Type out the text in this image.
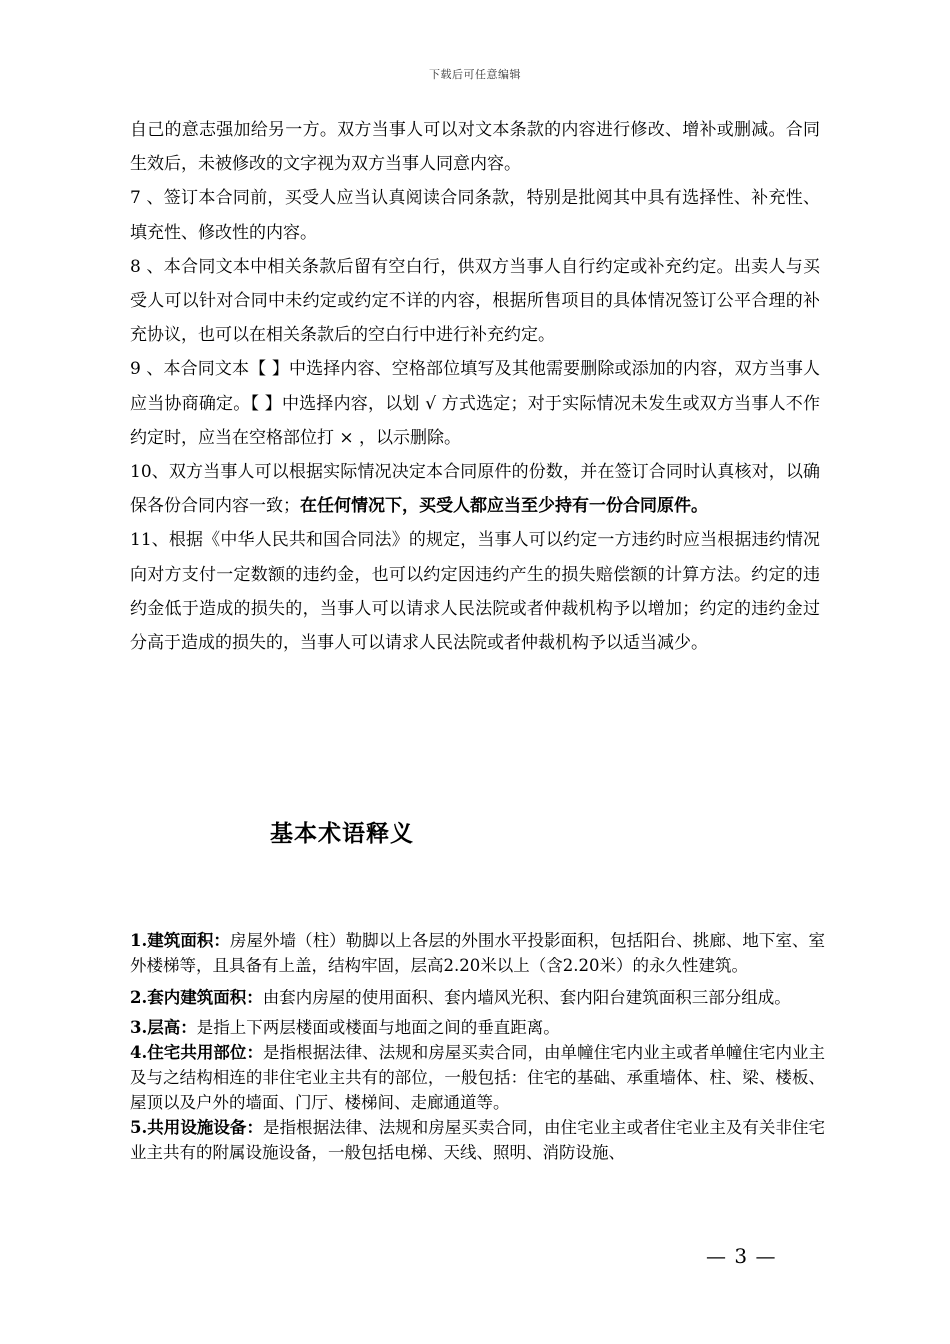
下载后可任意编辑

自己的意志强加给另一方。双方当事人可以对文本条款的内容进行修改、增补或删减。合同生效后，未被修改的文字视为双方当事人同意内容。

7 、签订本合同前，买受人应当认真阅读合同条款，特别是批阅其中具有选择性、补充性、填充性、修改性的内容。

8 、本合同文本中相关条款后留有空白行，供双方当事人自行约定或补充约定。出卖人与买受人可以针对合同中未约定或约定不详的内容，根据所售项目的具体情况签订公平合理的补充协议，也可以在相关条款后的空白行中进行补充约定。

9 、本合同文本【 】中选择内容、空格部位填写及其他需要删除或添加的内容，双方当事人应当协商确定。【 】中选择内容，以划 √ 方式选定；对于实际情况未发生或双方当事人不作约定时，应当在空格部位打 × ，以示删除。

10、双方当事人可以根据实际情况决定本合同原件的份数，并在签订合同时认真核对，以确保各份合同内容一致；在任何情况下，买受人都应当至少持有一份合同原件。

11、根据《中华人民共和国合同法》的规定，当事人可以约定一方违约时应当根据违约情况向对方支付一定数额的违约金，也可以约定因违约产生的损失赔偿额的计算方法。约定的违约金低于造成的损失的，当事人可以请求人民法院或者仲裁机构予以增加；约定的违约金过分高于造成的损失的，当事人可以请求人民法院或者仲裁机构予以适当减少。

基本术语释义

1.建筑面积：房屋外墙（柱）勒脚以上各层的外围水平投影面积，包括阳台、挑廊、地下室、室外楼梯等，且具备有上盖，结构牢固，层高2.20米以上（含2.20米）的永久性建筑。

2.套内建筑面积：由套内房屋的使用面积、套内墙风光积、套内阳台建筑面积三部分组成。

3.层高：是指上下两层楼面或楼面与地面之间的垂直距离。

4.住宅共用部位：是指根据法律、法规和房屋买卖合同，由单幢住宅内业主或者单幢住宅内业主及与之结构相连的非住宅业主共有的部位，一般包括：住宅的基础、承重墙体、柱、梁、楼板、屋顶以及户外的墙面、门厅、楼梯间、走廊通道等。

5.共用设施设备：是指根据法律、法规和房屋买卖合同，由住宅业主或者住宅业主及有关非住宅业主共有的附属设施设备，一般包括电梯、天线、照明、消防设施、

— 3 —
